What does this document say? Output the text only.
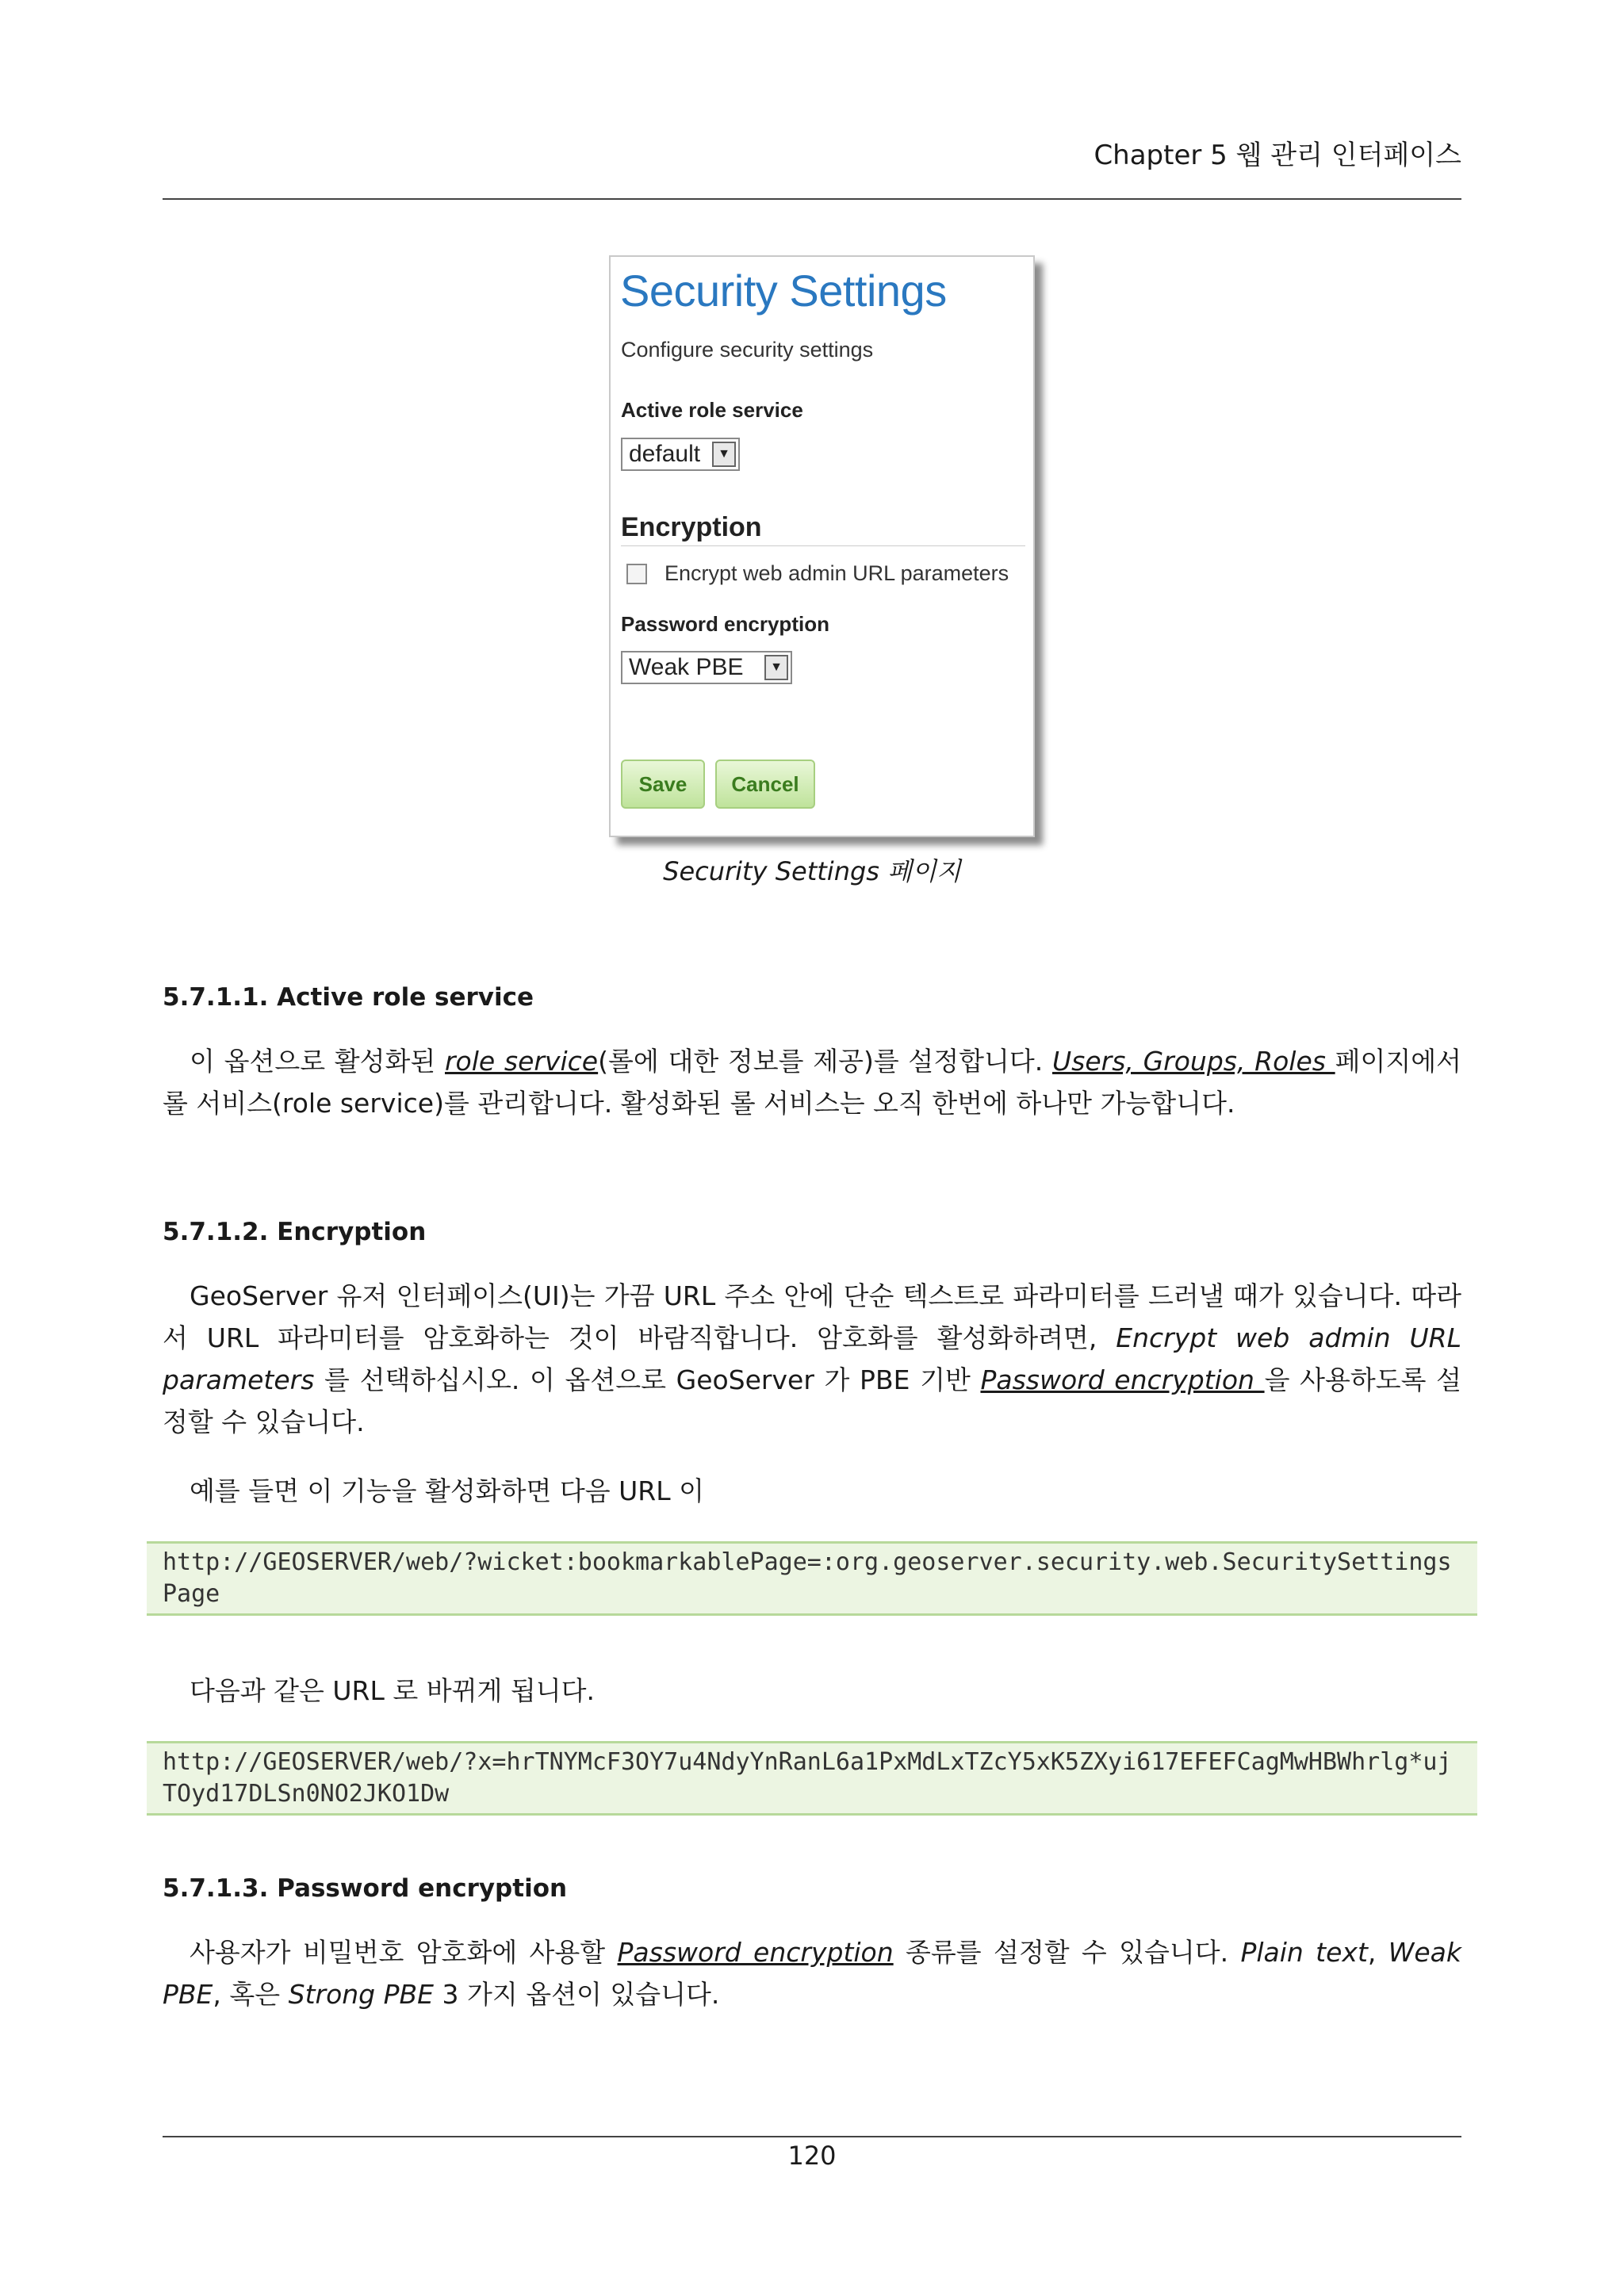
Chapter 5 웹 관리 인터페이스
Security Settings
Configure security settings
Active role service
default	▼
Encryption
Encrypt web admin URL parameters
Password encryption
Weak PBE	▼
Save	Cancel
Security Settings 페이지
5.7.1.1. Active role service
이 옵션으로 활성화된 role service(롤에 대한 정보를 제공)를 설정합니다. Users, Groups, Roles 페이지에서 롤 서비스(role service)를 관리합니다. 활성화된 롤 서비스는 오직 한번에 하나만 가능합니다.
5.7.1.2. Encryption
GeoServer 유저 인터페이스(UI)는 가끔 URL 주소 안에 단순 텍스트로 파라미터를 드러낼 때가 있습니다. 따라서 URL 파라미터를 암호화하는 것이 바람직합니다. 암호화를 활성화하려면, Encrypt web admin URL parameters 를 선택하십시오. 이 옵션으로 GeoServer 가 PBE 기반 Password encryption 을 사용하도록 설정할 수 있습니다.
예를 들면 이 기능을 활성화하면 다음 URL 이
http://GEOSERVER/web/?wicket:bookmarkablePage=:org.geoserver.security.web.SecuritySettingsPage
다음과 같은 URL 로 바뀌게 됩니다.
http://GEOSERVER/web/?x=hrTNYMcF3OY7u4NdyYnRanL6a1PxMdLxTZcY5xK5ZXyi617EFEFCagMwHBWhrlg*ujTOyd17DLSn0NO2JKO1Dw
5.7.1.3. Password encryption
사용자가 비밀번호 암호화에 사용할 Password encryption 종류를 설정할 수 있습니다. Plain text, Weak PBE, 혹은 Strong PBE 3 가지 옵션이 있습니다.
120
